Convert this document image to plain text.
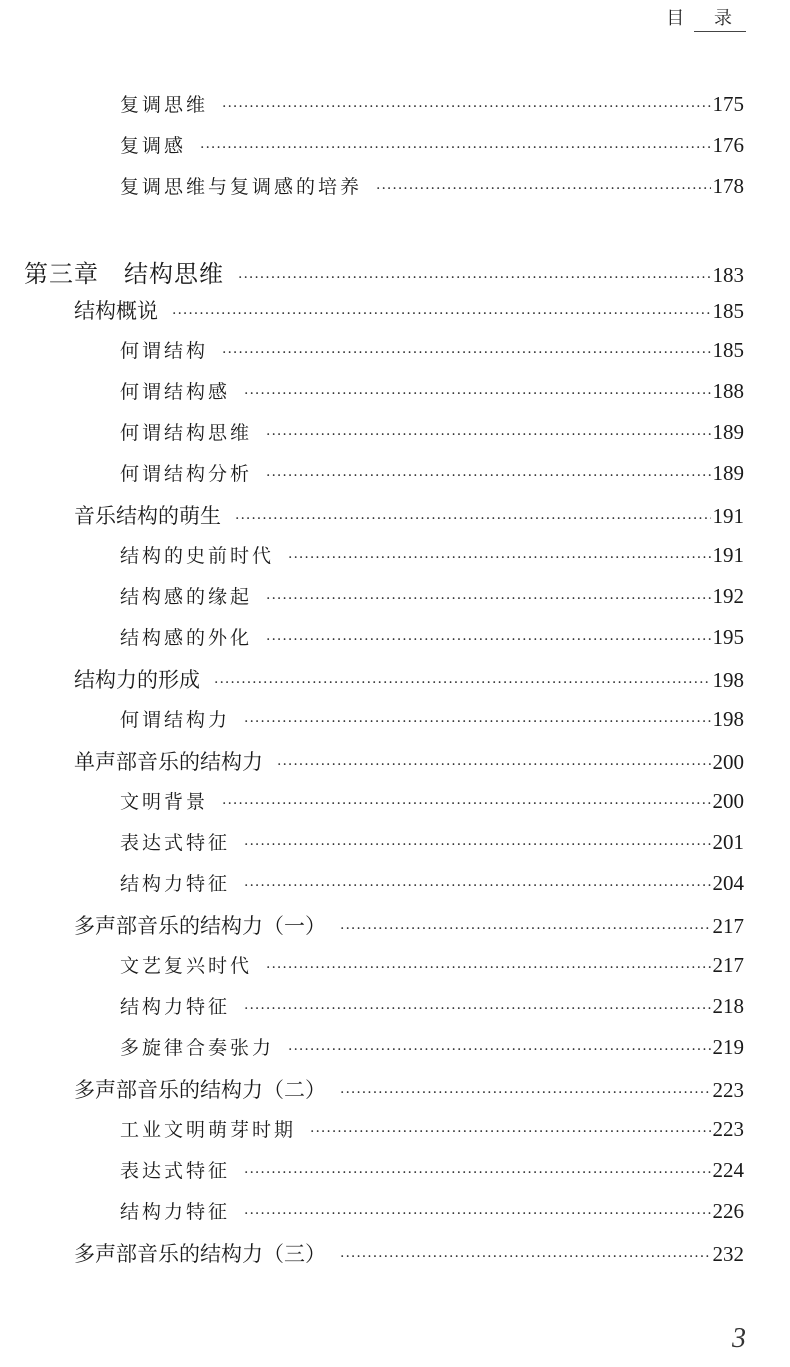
目 录
复调思维 ·····	175
复调感 ·····	176
复调思维与复调感的培养 ·····	178
第三章　结构思维 ·····	183
结构概说 ·····	185
何谓结构 ·····	185
何谓结构感 ·····	188
何谓结构思维 ·····	189
何谓结构分析 ·····	189
音乐结构的萌生 ·····	191
结构的史前时代 ·····	191
结构感的缘起 ·····	192
结构感的外化 ·····	195
结构力的形成 ·····	198
何谓结构力 ·····	198
单声部音乐的结构力 ·····	200
文明背景 ·····	200
表达式特征 ·····	201
结构力特征 ·····	204
多声部音乐的结构力（一） ·····	217
文艺复兴时代 ·····	217
结构力特征 ·····	218
多旋律合奏张力 ·····	219
多声部音乐的结构力（二） ·····	223
工业文明萌芽时期 ·····	223
表达式特征 ·····	224
结构力特征 ·····	226
多声部音乐的结构力（三） ·····	232
3
